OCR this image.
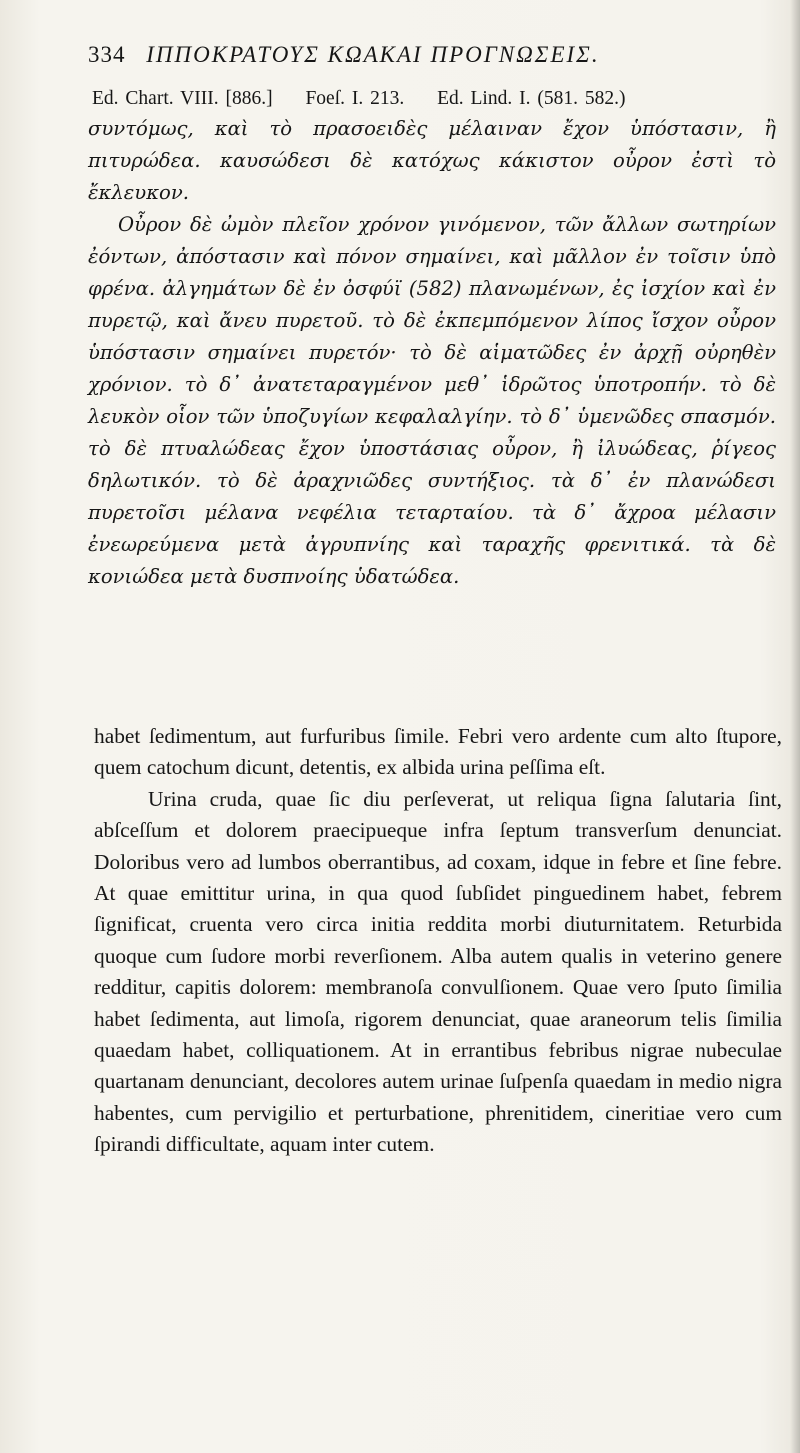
334 ΙΠΠΟΚΡΑΤΟΥΣ ΚΩΑΚΑΙ ΠΡΟΓΝΩΣΕΙΣ.
Ed. Chart. VIII. [886.] Foeſ. I. 213. Ed. Lind. I. (581. 582.)

συντόμως, καὶ τὸ πρασοειδὲς μέλαιναν ἔχον ὑπόστασιν, ἢ πιτυρώδεα. καυσώδεσι δὲ κατόχως κάκιστον οὖρον ἐστὶ τὸ ἔκλευκον.

Οὖρον δὲ ὠμὸν πλεῖον χρόνον γινόμενον, τῶν ἄλλων σωτηρίων ἐόντων, ἀπόστασιν καὶ πόνον σημαίνει, καὶ μᾶλλον ἐν τοῖσιν ὑπὸ φρένα. ἀλγημάτων δὲ ἐν ὀσφύϊ (582) πλανωμένων, ἐς ἰσχίον καὶ ἐν πυρετῷ, καὶ ἄνευ πυρετοῦ. τὸ δὲ ἐκπεμπόμενον λίπος ἴσχον οὖρον ὑπόστασιν σημαίνει πυρετόν· τὸ δὲ αἱματῶδες ἐν ἀρχῇ οὐρηθὲν χρόνιον. τὸ δ᾽ ἀνατεταραγμένον μεθ᾽ ἱδρῶτος ὑποτροπήν. τὸ δὲ λευκὸν οἷον τῶν ὑποζυγίων κεφαλαλγίην. τὸ δ᾽ ὑμενῶδες σπασμόν. τὸ δὲ πτυαλώδεας ἔχον ὑποστάσιας οὖρον, ἢ ἰλυώδεας, ῥίγεος δηλωτικόν. τὸ δὲ ἀραχνιῶδες συντήξιος. τὰ δ᾽ ἐν πλανώδεσι πυρετοῖσι μέλανα νεφέλια τεταρταίου. τὰ δ᾽ ἄχροα μέλασιν ἐνεωρεύμενα μετὰ ἀγρυπνίης καὶ ταραχῆς φρενιτικά. τὰ δὲ κονιώδεα μετὰ δυσπνοίης ὑδατώδεα.

habet ſedimentum, aut furfuribus ſimile. Febri vero ardente cum alto ſtupore, quem catochum dicunt, detentis, ex albida urina peſſima eſt.

Urina cruda, quae ſic diu perſeverat, ut reliqua ſigna ſalutaria ſint, abſceſſum et dolorem praecipueque infra ſeptum transverſum denunciat. Doloribus vero ad lumbos oberrantibus, ad coxam, idque in febre et ſine febre. At quae emittitur urina, in qua quod ſubſidet pinguedinem habet, febrem ſignificat, cruenta vero circa initia reddita morbi diuturnitatem. Returbida quoque cum ſudore morbi reverſionem. Alba autem qualis in veterino genere redditur, capitis dolorem: membranoſa convulſionem. Quae vero ſputo ſimilia habet ſedimenta, aut limoſa, rigorem denunciat, quae araneorum telis ſimilia quaedam habet, colliquationem. At in errantibus febribus nigrae nubeculae quartanam denunciant, decolores autem urinae ſuſpenſa quaedam in medio nigra habentes, cum pervigilio et perturbatione, phrenitidem, cineritiae vero cum ſpirandi difficultate, aquam inter cutem.
